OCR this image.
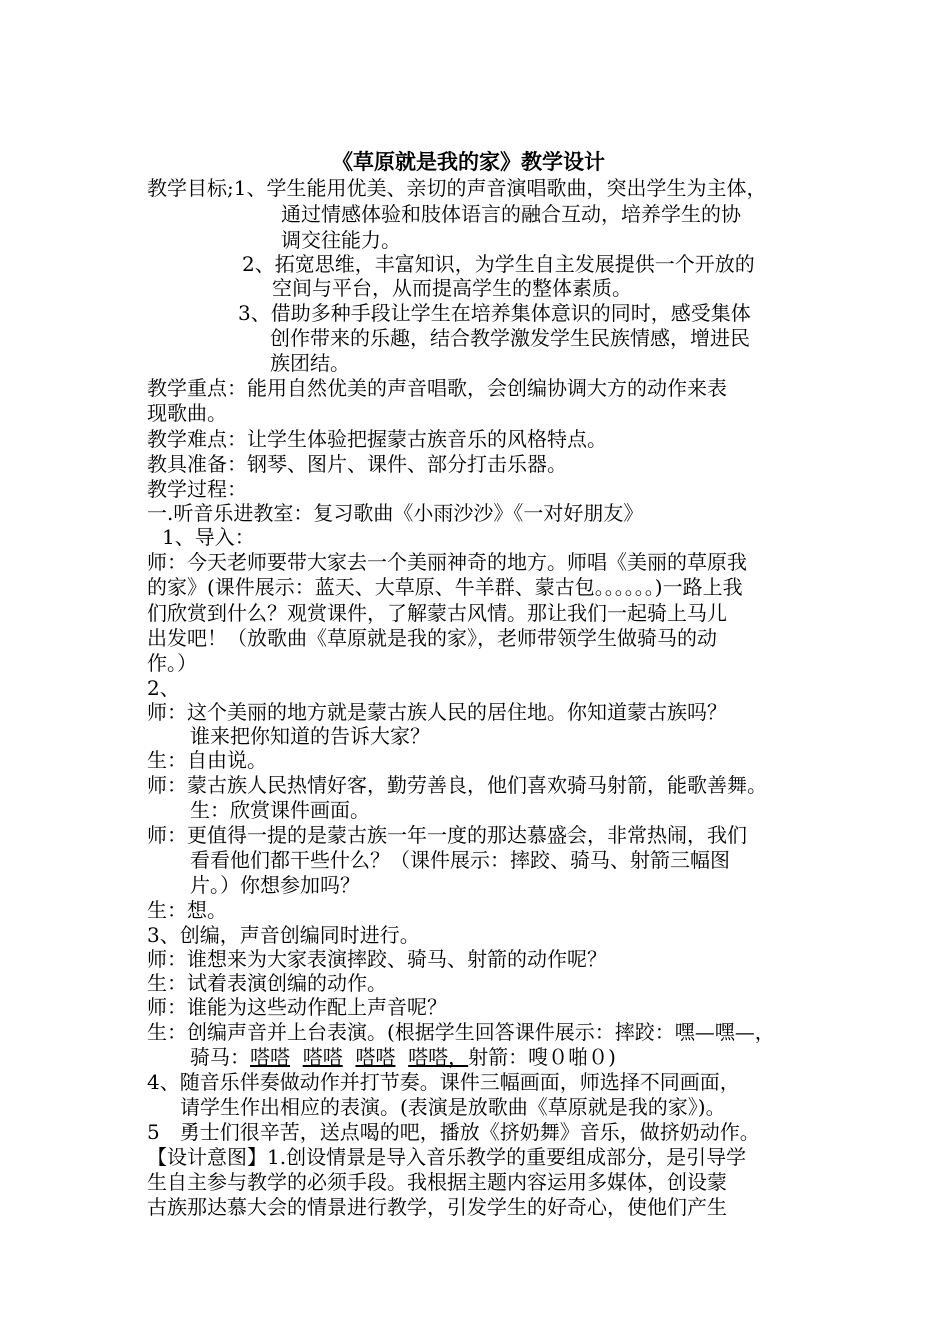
《草原就是我的家》教学设计
教学目标;1、学生能用优美、亲切的声音演唱歌曲，突出学生为主体，
通过情感体验和肢体语言的融合互动，培养学生的协
调交往能力。
2、拓宽思维，丰富知识，为学生自主发展提供一个开放的
空间与平台，从而提高学生的整体素质。
3、借助多种手段让学生在培养集体意识的同时，感受集体
创作带来的乐趣，结合教学激发学生民族情感，增进民
族团结。
教学重点：能用自然优美的声音唱歌，会创编协调大方的动作来表
现歌曲。
教学难点：让学生体验把握蒙古族音乐的风格特点。
教具准备：钢琴、图片、课件、部分打击乐器。
教学过程：
一.听音乐进教室：复习歌曲《小雨沙沙》《一对好朋友》
1、导入：
师：今天老师要带大家去一个美丽神奇的地方。师唱《美丽的草原我
的家》(课件展示：蓝天、大草原、牛羊群、蒙古包。。。。。。)一路上我
们欣赏到什么？观赏课件，了解蒙古风情。那让我们一起骑上马儿
出发吧！（放歌曲《草原就是我的家》，老师带领学生做骑马的动
作。）
2、
师：这个美丽的地方就是蒙古族人民的居住地。你知道蒙古族吗？
谁来把你知道的告诉大家？
生：自由说。
师：蒙古族人民热情好客，勤劳善良，他们喜欢骑马射箭，能歌善舞。
生：欣赏课件画面。
师：更值得一提的是蒙古族一年一度的那达慕盛会，非常热闹，我们
看看他们都干些什么？（课件展示：摔跤、骑马、射箭三幅图
片。）你想参加吗？
生：想。
3、创编，声音创编同时进行。
师：谁想来为大家表演摔跤、骑马、射箭的动作呢？
生：试着表演创编的动作。
师：谁能为这些动作配上声音呢？
生：创编声音并上台表演。(根据学生回答课件展示：摔跤：嘿—嘿—，
骑马：嗒嗒 嗒嗒 嗒嗒 嗒嗒，射箭：嗖０啪０)
4、随音乐伴奏做动作并打节奏。课件三幅画面，师选择不同画面，
请学生作出相应的表演。(表演是放歌曲《草原就是我的家》)。
5　勇士们很辛苦，送点喝的吧，播放《挤奶舞》音乐，做挤奶动作。
【设计意图】1.创设情景是导入音乐教学的重要组成部分，是引导学
生自主参与教学的必须手段。我根据主题内容运用多媒体，创设蒙
古族那达慕大会的情景进行教学，引发学生的好奇心，使他们产生
